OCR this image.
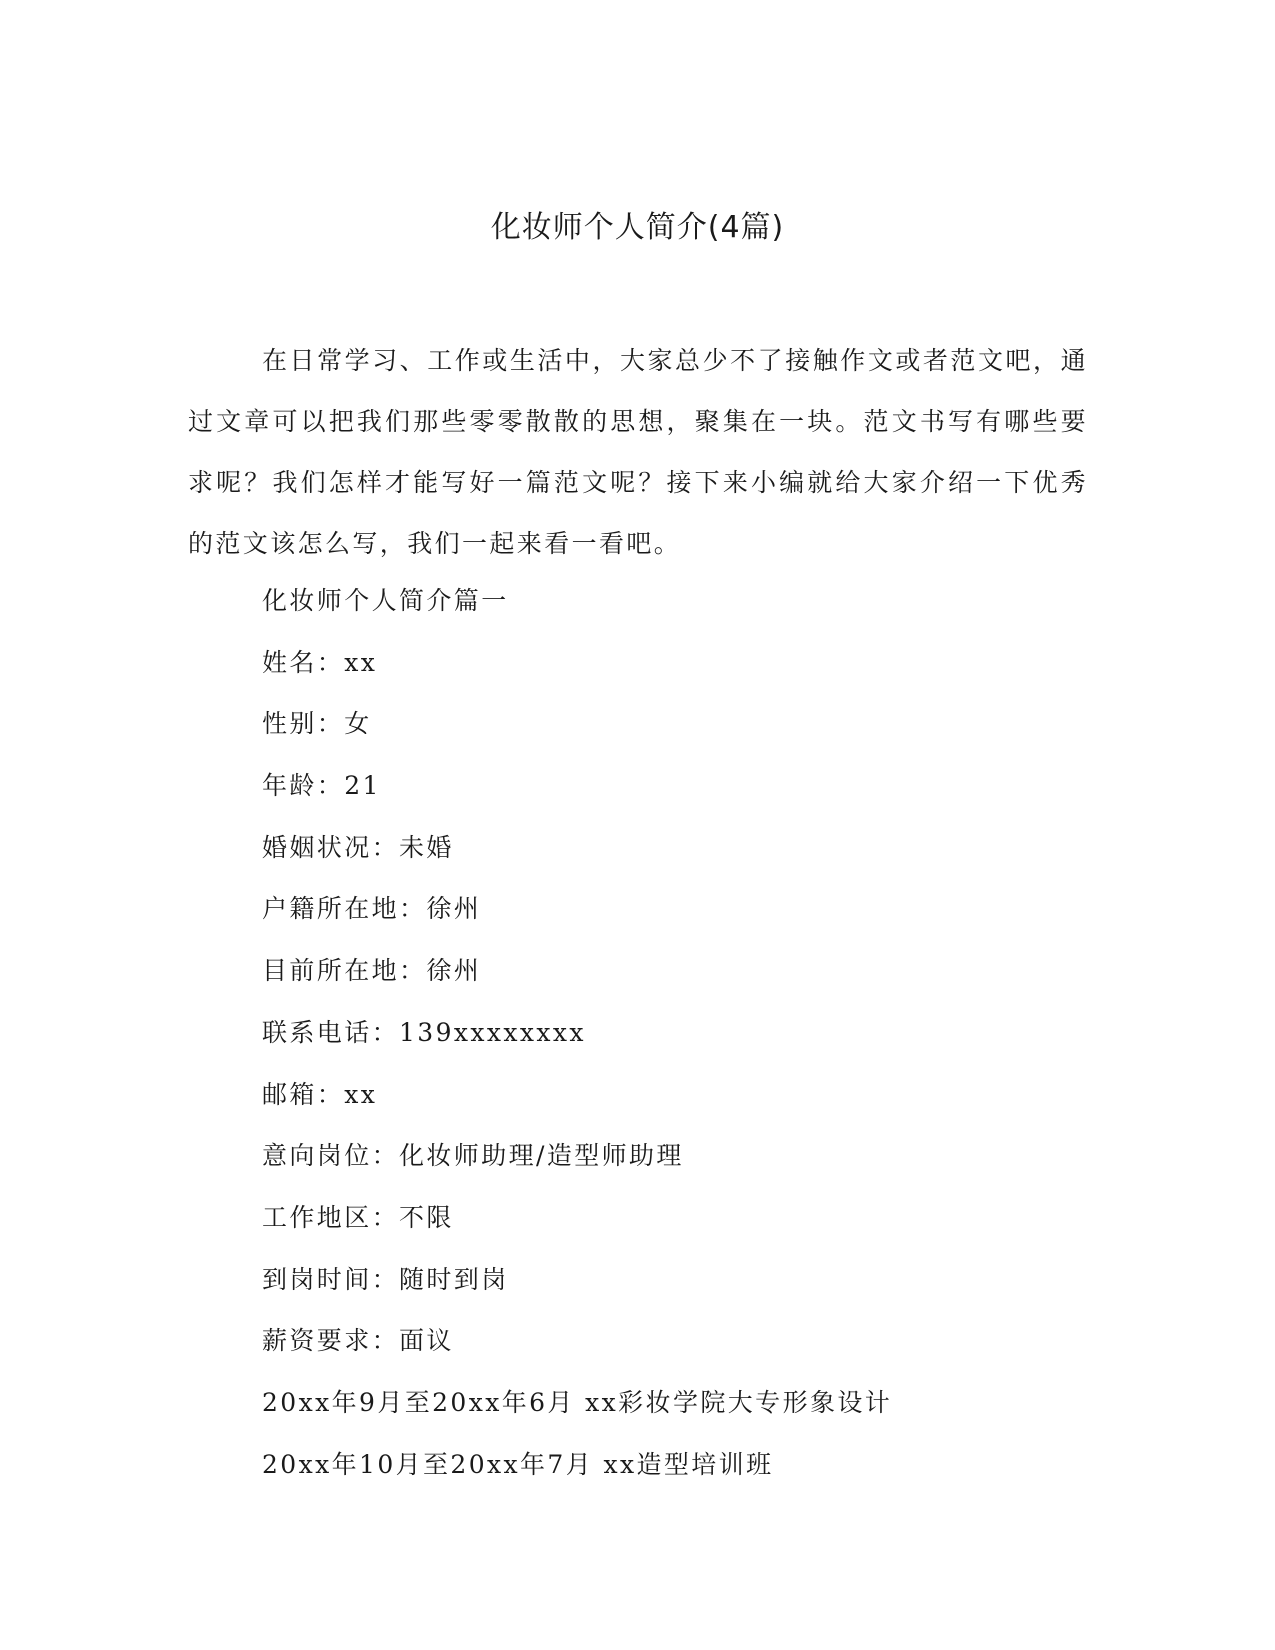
化妆师个人简介(4篇)

在日常学习、工作或生活中，大家总少不了接触作文或者范文吧，通过文章可以把我们那些零零散散的思想，聚集在一块。范文书写有哪些要求呢？我们怎样才能写好一篇范文呢？接下来小编就给大家介绍一下优秀的范文该怎么写，我们一起来看一看吧。

化妆师个人简介篇一
姓名：xx
性别：女
年龄：21
婚姻状况：未婚
户籍所在地：徐州
目前所在地：徐州
联系电话：139xxxxxxxx
邮箱：xx
意向岗位：化妆师助理/造型师助理
工作地区：不限
到岗时间：随时到岗
薪资要求：面议
20xx年9月至20xx年6月 xx彩妆学院大专形象设计
20xx年10月至20xx年7月 xx造型培训班
